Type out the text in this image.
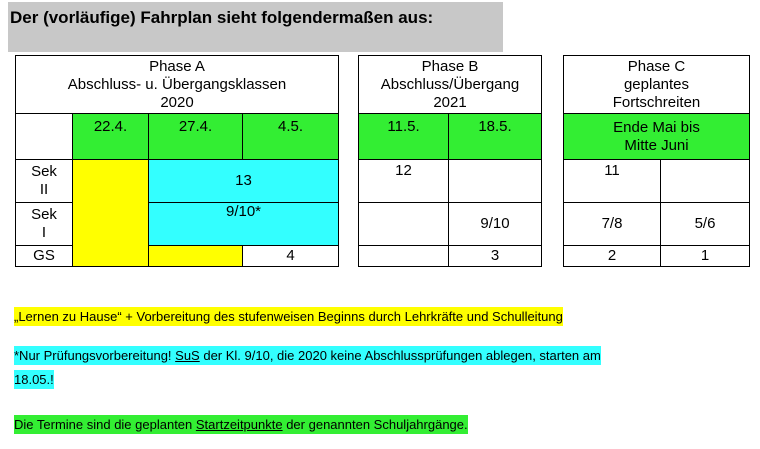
Der (vorläufige) Fahrplan sieht folgendermaßen aus:
Phase A
Abschluss- u. Übergangsklassen
2020			

	22.4.	27.4.	4.5.

Sek
II		13	

Sek
I		9/10*	
GS			4
Phase B
Abschluss/Übergang
2021	

11.5.	18.5.
12	
	9/10
	3
Phase C
geplantes
Fortschreiten	

Ende Mai bis
Mitte Juni	

11	
7/8	5/6
2	1
„Lernen zu Hause“ + Vorbereitung des stufenweisen Beginns durch Lehrkräfte und Schulleitung
*Nur Prüfungsvorbereitung! SuS der Kl. 9/10, die 2020 keine Abschlussprüfungen ablegen, starten am
18.05.!
Die Termine sind die geplanten Startzeitpunkte der genannten Schuljahrgänge.
